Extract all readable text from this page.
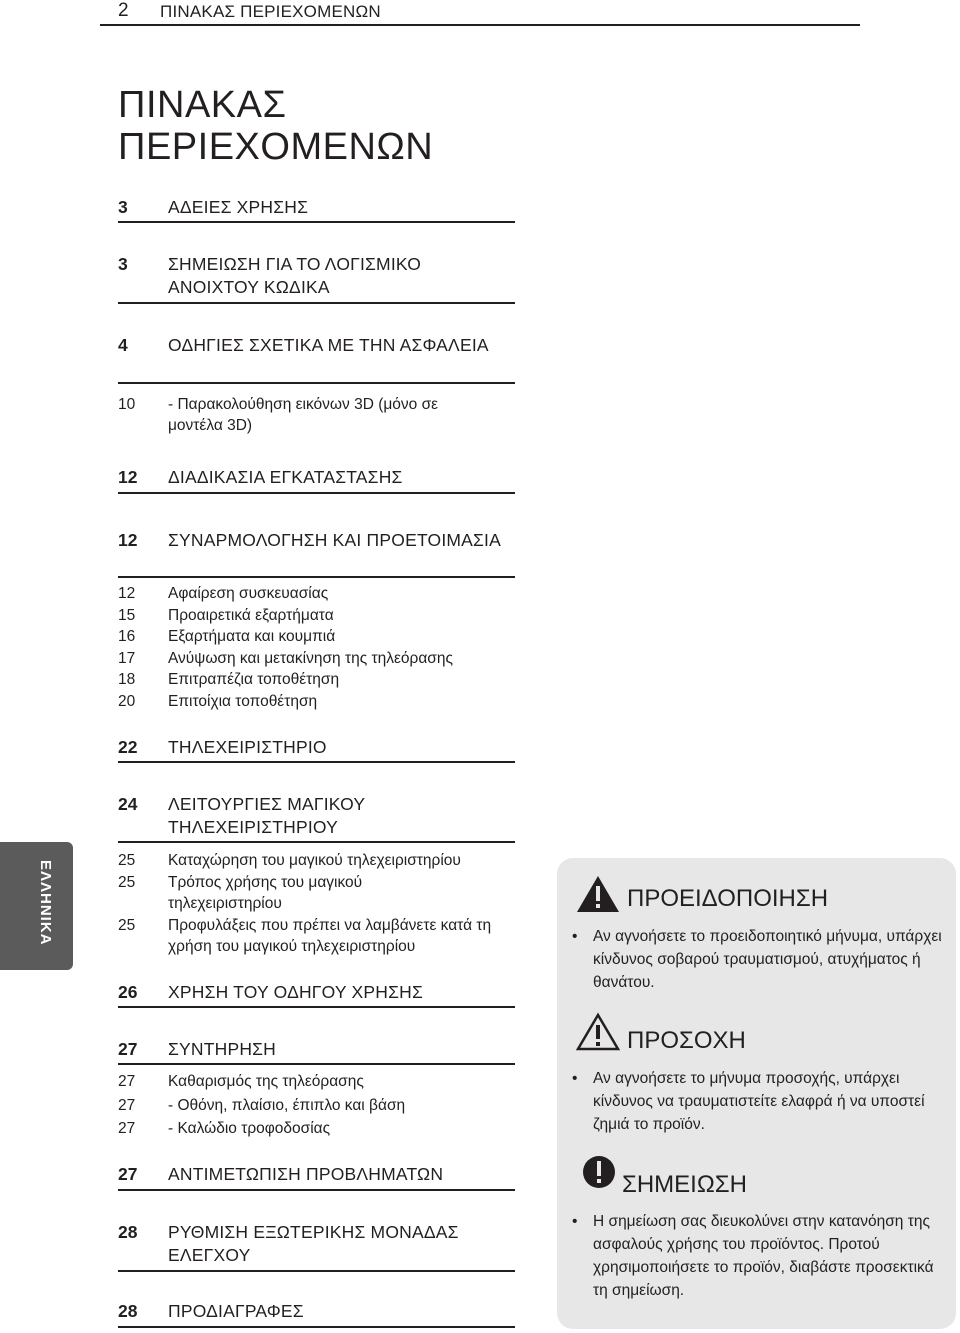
2 ΠΙΝΑΚΑΣ ΠΕΡΙΕΧΟΜΕΝΩΝ
ΠΙΝΑΚΑΣ
ΠΕΡΙΕΧΟΜΕΝΩΝ
3	ΑΔΕΙΕΣ ΧΡΗΣΗΣ
3	ΣΗΜΕΙΩΣΗ ΓΙΑ ΤΟ ΛΟΓΙΣΜΙΚΟ ΑΝΟΙΧΤΟΥ ΚΩΔΙΚΑ
4	ΟΔΗΓΙΕΣ ΣΧΕΤΙΚΑ ΜΕ ΤΗΝ ΑΣΦΑΛΕΙΑ
10	- Παρακολούθηση εικόνων 3D (μόνο σε μοντέλα 3D)
12	ΔΙΑΔΙΚΑΣΙΑ ΕΓΚΑΤΑΣΤΑΣΗΣ
12	ΣΥΝΑΡΜΟΛΟΓΗΣΗ ΚΑΙ ΠΡΟΕΤΟΙΜΑΣΙΑ
12	Αφαίρεση συσκευασίας
15	Προαιρετικά εξαρτήματα
16	Εξαρτήματα και κουμπιά
17	Ανύψωση και μετακίνηση της τηλεόρασης
18	Επιτραπέζια τοποθέτηση
20	Επιτοίχια τοποθέτηση
22	ΤΗΛΕΧΕΙΡΙΣΤΗΡΙΟ
24	ΛΕΙΤΟΥΡΓΙΕΣ ΜΑΓΙΚΟΥ ΤΗΛΕΧΕΙΡΙΣΤΗΡΙΟΥ
25	Καταχώρηση του μαγικού τηλεχειριστηρίου
25	Τρόπος χρήσης του μαγικού τηλεχειριστηρίου
25	Προφυλάξεις που πρέπει να λαμβάνετε κατά τη χρήση του μαγικού τηλεχειριστηρίου
26	ΧΡΗΣΗ ΤΟΥ ΟΔΗΓΟΥ ΧΡΗΣΗΣ
27	ΣΥΝΤΗΡΗΣΗ
27	Καθαρισμός της τηλεόρασης
27	- Οθόνη, πλαίσιο, έπιπλο και βάση
27	- Καλώδιο τροφοδοσίας
27	ΑΝΤΙΜΕΤΩΠΙΣΗ ΠΡΟΒΛΗΜΑΤΩΝ
28	ΡΥΘΜΙΣΗ ΕΞΩΤΕΡΙΚΗΣ ΜΟΝΑΔΑΣ ΕΛΕΓΧΟΥ
28	ΠΡΟΔΙΑΓΡΑΦΕΣ
ΕΛΛΗΝΙΚΑ	ΠΡΟΕΙΔΟΠΟΙΗΣΗ
• Αν αγνοήσετε το προειδοποιητικό μήνυμα, υπάρχει κίνδυνος σοβαρού τραυματισμού, ατυχήματος ή θανάτου.
ΠΡΟΣΟΧΗ
• Αν αγνοήσετε το μήνυμα προσοχής, υπάρχει κίνδυνος να τραυματιστείτε ελαφρά ή να υποστεί ζημιά το προϊόν.
ΣΗΜΕΙΩΣΗ
• Η σημείωση σας διευκολύνει στην κατανόηση της ασφαλούς χρήσης του προϊόντος. Προτού χρησιμοποιήσετε το προϊόν, διαβάστε προσεκτικά τη σημείωση.
